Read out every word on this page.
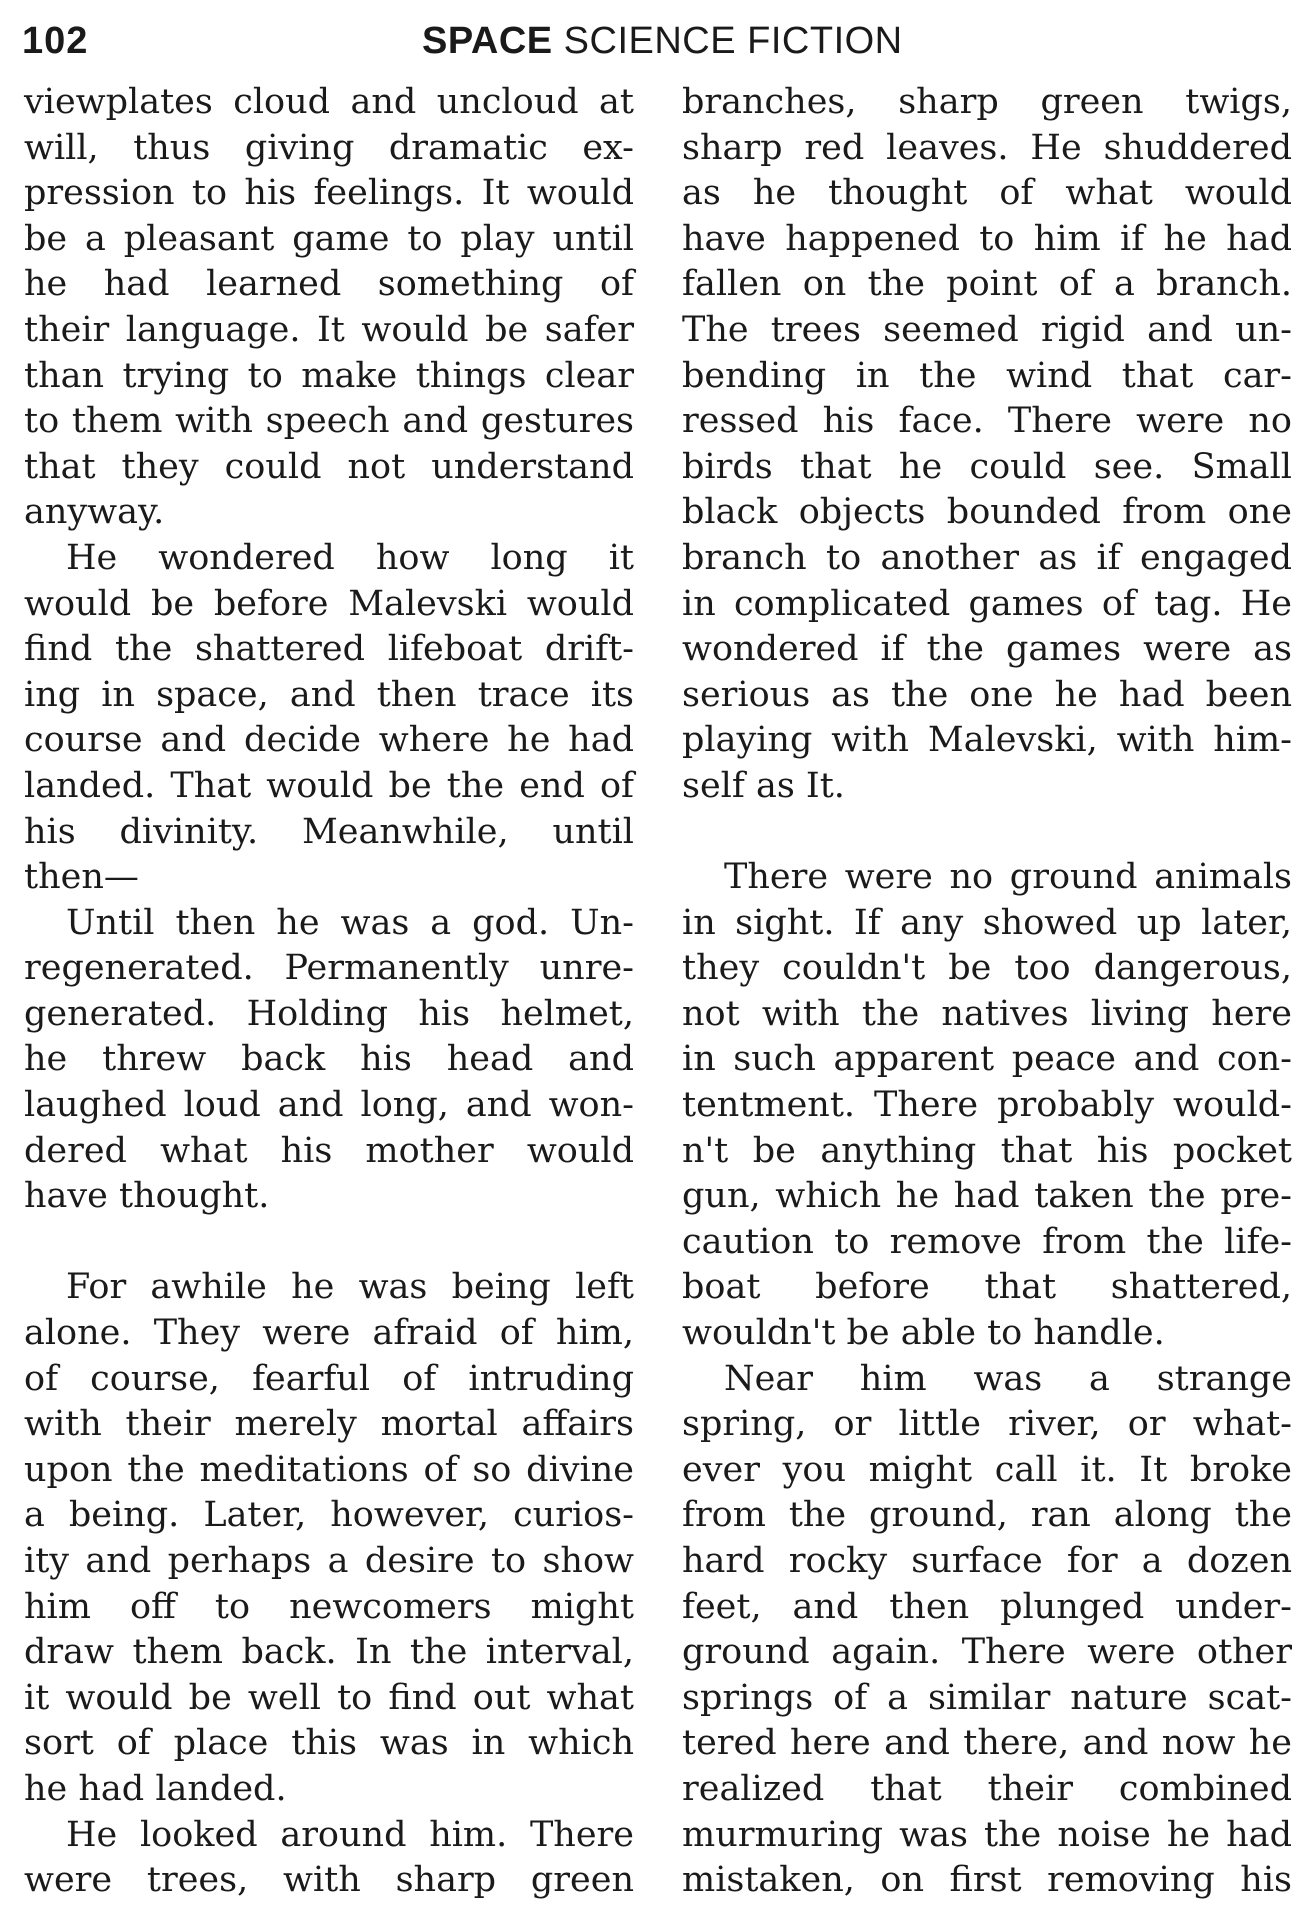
102	SPACE SCIENCE FICTION
viewplates cloud and uncloud at
will, thus giving dramatic ex-
pression to his feelings. It would
be a pleasant game to play until
he had learned something of
their language. It would be safer
than trying to make things clear
to them with speech and gestures
that they could not understand
anyway.
He wondered how long it
would be before Malevski would
find the shattered lifeboat drift-
ing in space, and then trace its
course and decide where he had
landed. That would be the end of
his divinity. Meanwhile, until
then—
Until then he was a god. Un-
regenerated. Permanently unre-
generated. Holding his helmet,
he threw back his head and
laughed loud and long, and won-
dered what his mother would
have thought.
For awhile he was being left
alone. They were afraid of him,
of course, fearful of intruding
with their merely mortal affairs
upon the meditations of so divine
a being. Later, however, curios-
ity and perhaps a desire to show
him off to newcomers might
draw them back. In the interval,
it would be well to find out what
sort of place this was in which
he had landed.
He looked around him. There
were trees, with sharp green
branches, sharp green twigs,
sharp red leaves. He shuddered
as he thought of what would
have happened to him if he had
fallen on the point of a branch.
The trees seemed rigid and un-
bending in the wind that car-
ressed his face. There were no
birds that he could see. Small
black objects bounded from one
branch to another as if engaged
in complicated games of tag. He
wondered if the games were as
serious as the one he had been
playing with Malevski, with him-
self as It.
There were no ground animals
in sight. If any showed up later,
they couldn't be too dangerous,
not with the natives living here
in such apparent peace and con-
tentment. There probably would-
n't be anything that his pocket
gun, which he had taken the pre-
caution to remove from the life-
boat before that shattered,
wouldn't be able to handle.
Near him was a strange
spring, or little river, or what-
ever you might call it. It broke
from the ground, ran along the
hard rocky surface for a dozen
feet, and then plunged under-
ground again. There were other
springs of a similar nature scat-
tered here and there, and now he
realized that their combined
murmuring was the noise he had
mistaken, on first removing his
